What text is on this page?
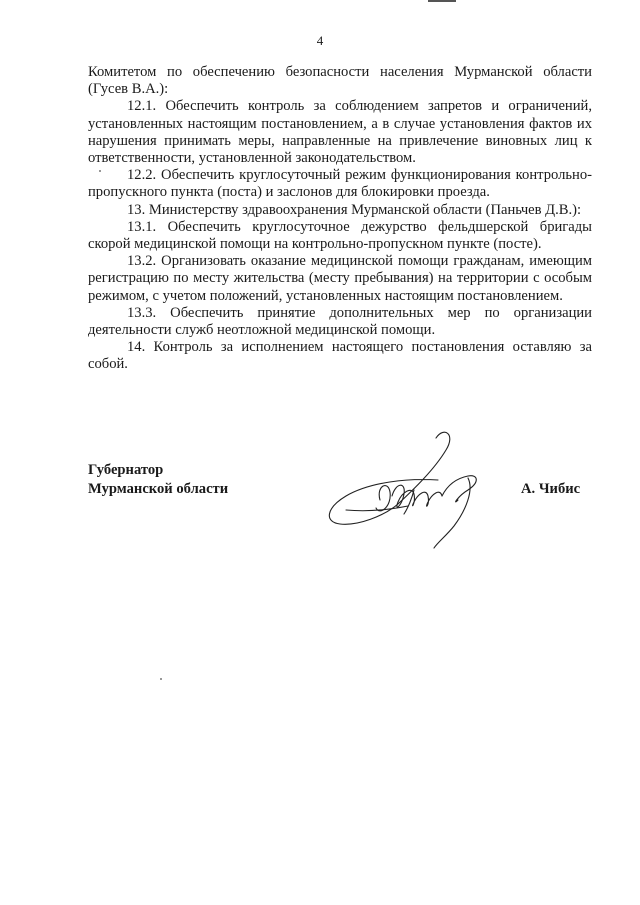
4

Комитетом по обеспечению безопасности населения Мурманской области (Гусев В.А.):

12.1. Обеспечить контроль за соблюдением запретов и ограничений, установленных настоящим постановлением, а в случае установления фактов их нарушения принимать меры, направленные на привлечение виновных лиц к ответственности, установленной законодательством.

12.2. Обеспечить круглосуточный режим функционирования контрольно-пропускного пункта (поста) и заслонов для блокировки проезда.

13. Министерству здравоохранения Мурманской области (Паньчев Д.В.):

13.1. Обеспечить круглосуточное дежурство фельдшерской бригады скорой медицинской помощи на контрольно-пропускном пункте (посте).

13.2. Организовать оказание медицинской помощи гражданам, имеющим регистрацию по месту жительства (месту пребывания) на территории с особым режимом, с учетом положений, установленных настоящим постановлением.

13.3. Обеспечить принятие дополнительных мер по организации деятельности служб неотложной медицинской помощи.

14. Контроль за исполнением настоящего постановления оставляю за собой.

Губернатор
Мурманской области	А. Чибис
